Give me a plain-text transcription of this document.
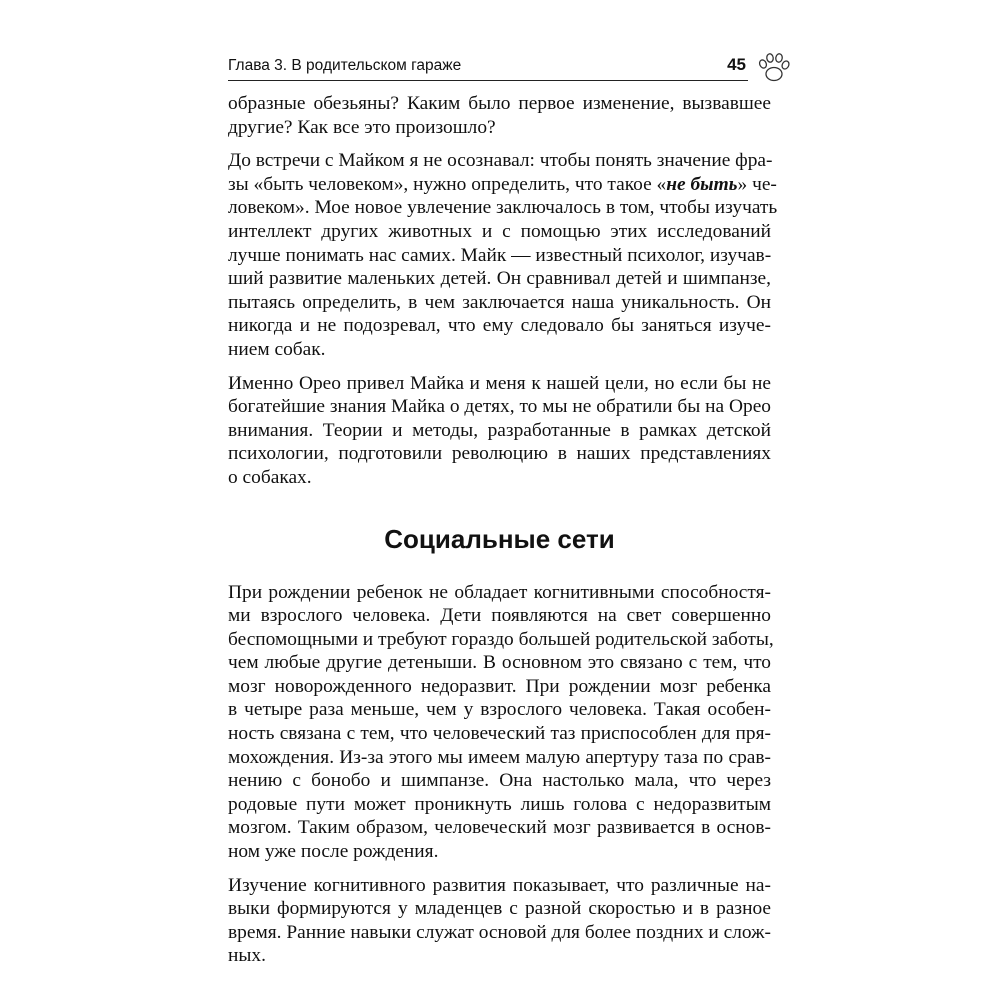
Глава 3. В родительском гараже	45

образные обезьяны? Каким было первое изменение, вызвавшее
другие? Как все это произошло?

До встречи с Майком я не осознавал: чтобы понять значение фра-
зы «быть человеком», нужно определить, что такое «не быть» че-
ловеком». Мое новое увлечение заключалось в том, чтобы изучать
интеллект других животных и с помощью этих исследований
лучше понимать нас самих. Майк — известный психолог, изучав-
ший развитие маленьких детей. Он сравнивал детей и шимпанзе,
пытаясь определить, в чем заключается наша уникальность. Он
никогда и не подозревал, что ему следовало бы заняться изуче-
нием собак.

Именно Орео привел Майка и меня к нашей цели, но если бы не
богатейшие знания Майка о детях, то мы не обратили бы на Орео
внимания. Теории и методы, разработанные в рамках детской
психологии, подготовили революцию в наших представлениях
о собаках.

Социальные сети

При рождении ребенок не обладает когнитивными способностя-
ми взрослого человека. Дети появляются на свет совершенно
беспомощными и требуют гораздо большей родительской заботы,
чем любые другие детеныши. В основном это связано с тем, что
мозг новорожденного недоразвит. При рождении мозг ребенка
в четыре раза меньше, чем у взрослого человека. Такая особен-
ность связана с тем, что человеческий таз приспособлен для пря-
мохождения. Из-за этого мы имеем малую апертуру таза по срав-
нению с бонобо и шимпанзе. Она настолько мала, что через
родовые пути может проникнуть лишь голова с недоразвитым
мозгом. Таким образом, человеческий мозг развивается в основ-
ном уже после рождения.

Изучение когнитивного развития показывает, что различные на-
выки формируются у младенцев с разной скоростью и в разное
время. Ранние навыки служат основой для более поздних и слож-
ных.
